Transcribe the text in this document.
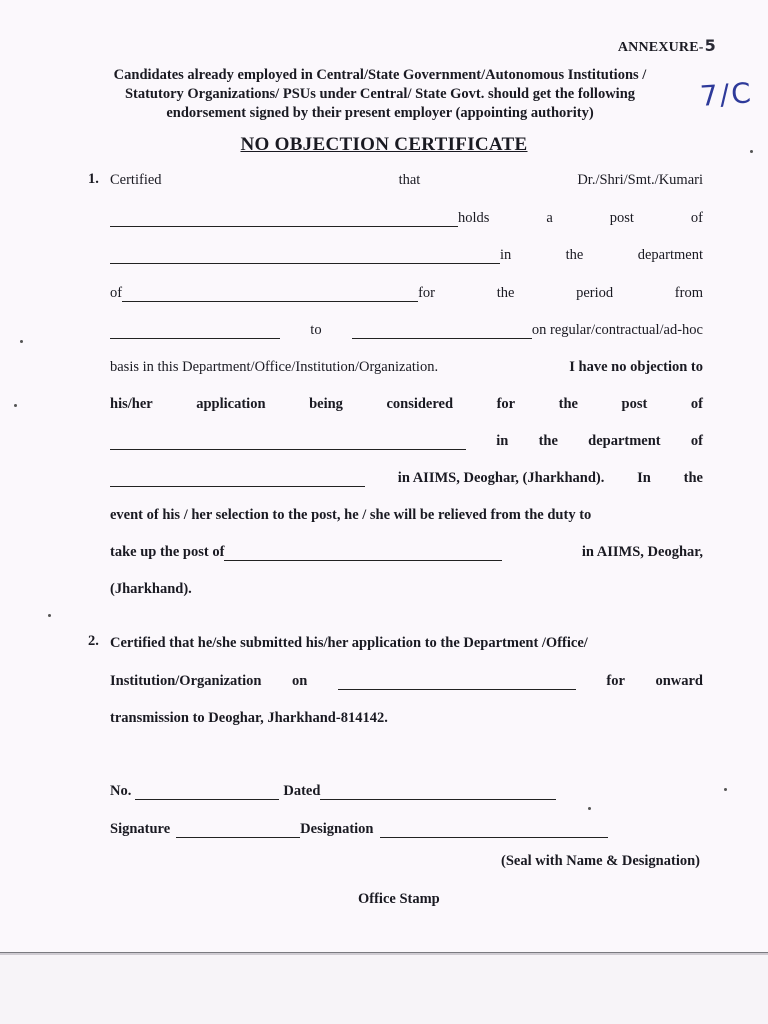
ANNEXURE-5
7/C
Candidates already employed in Central/State Government/Autonomous Institutions /
Statutory Organizations/ PSUs under Central/ State Govt. should get the following
endorsement signed by their present employer (appointing authority)
NO OBJECTION CERTIFICATE
1. Certified	that	Dr./Shri/Smt./Kumari
holds	a	post	of
in	the	department
of	for	the	period	from
to	on regular/contractual/ad-hoc
basis in this Department/Office/Institution/Organization.	I have no objection to
his/her	application	being	considered	for	the	post	of
in the department of
in AIIMS, Deoghar, (Jharkhand). In the
event of his / her selection to the post, he / she will be relieved from the duty to
take up the post of	in AIIMS, Deoghar,
(Jharkhand).
2. Certified that he/she submitted his/her application to the Department /Office/
Institution/Organization on	for onward
transmission to Deoghar, Jharkhand-814142.
No.	Dated
Signature	Designation
(Seal with Name & Designation)
Office Stamp
